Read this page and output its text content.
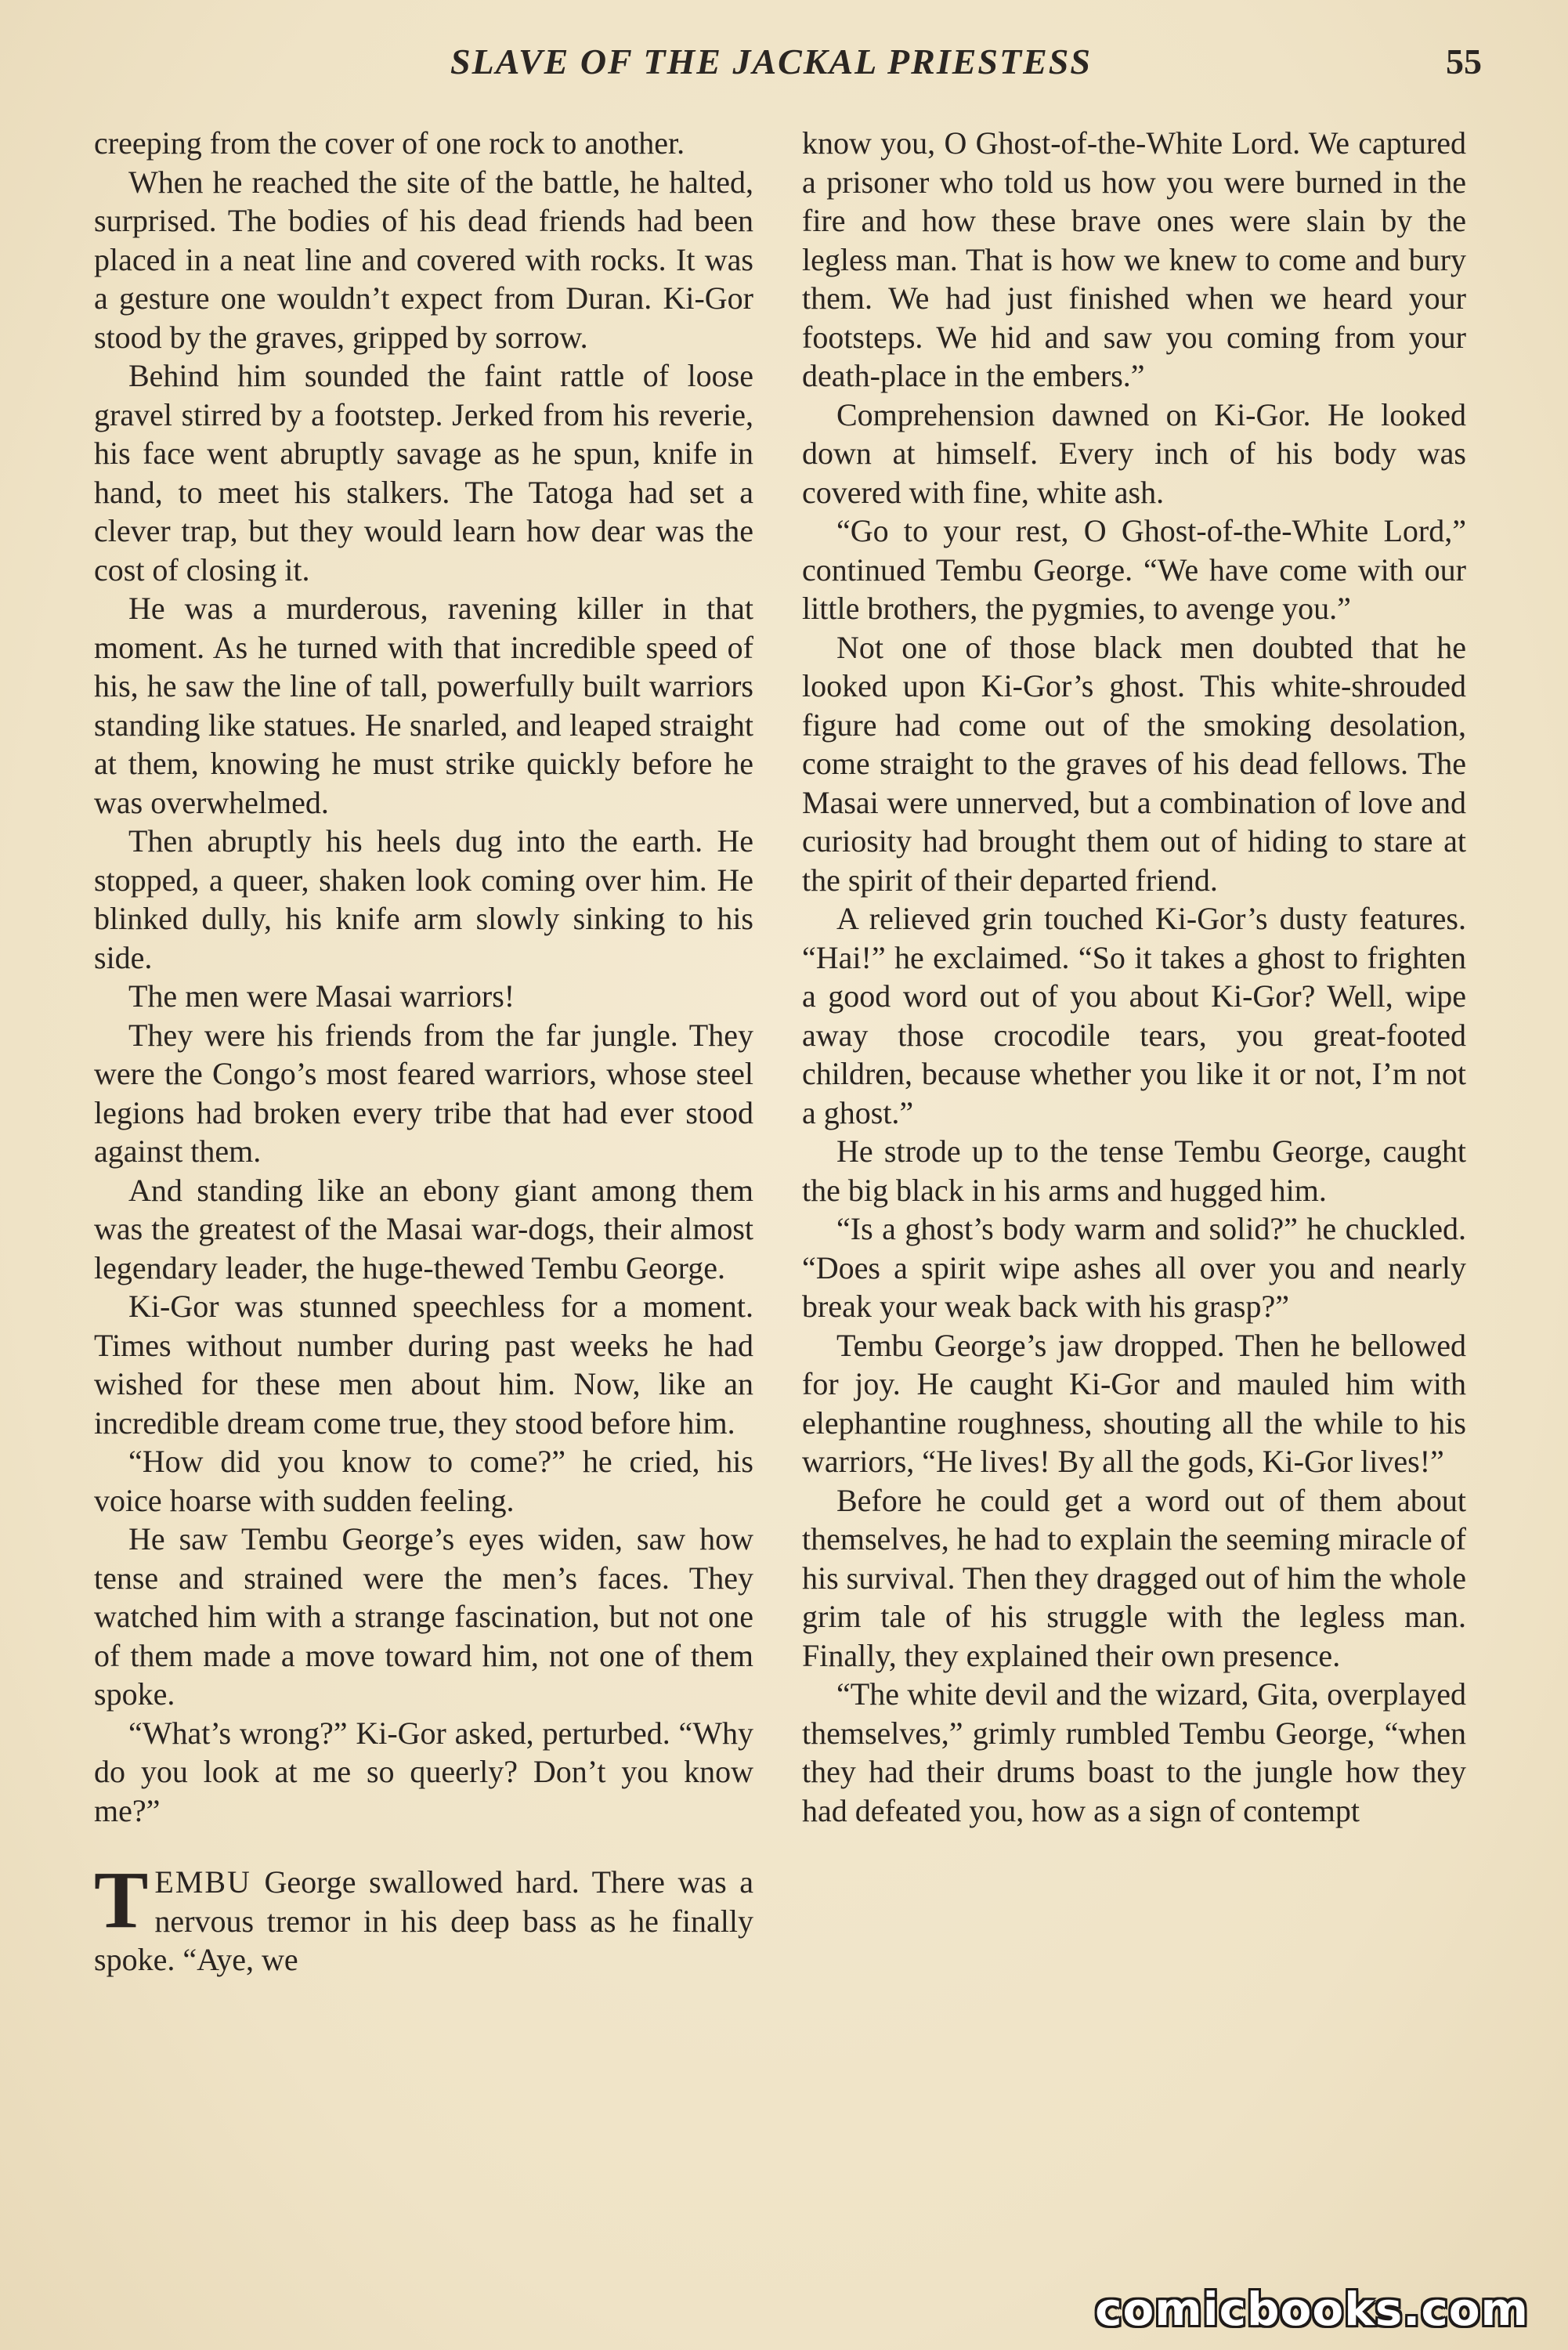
SLAVE OF THE JACKAL PRIESTESS	55

creeping from the cover of one rock to another.

When he reached the site of the battle, he halted, surprised. The bodies of his dead friends had been placed in a neat line and covered with rocks. It was a gesture one wouldn’t expect from Duran. Ki-Gor stood by the graves, gripped by sorrow.

Behind him sounded the faint rattle of loose gravel stirred by a footstep. Jerked from his reverie, his face went abruptly savage as he spun, knife in hand, to meet his stalkers. The Tatoga had set a clever trap, but they would learn how dear was the cost of closing it.

He was a murderous, ravening killer in that moment. As he turned with that incredible speed of his, he saw the line of tall, powerfully built warriors standing like statues. He snarled, and leaped straight at them, knowing he must strike quickly before he was overwhelmed.

Then abruptly his heels dug into the earth. He stopped, a queer, shaken look coming over him. He blinked dully, his knife arm slowly sinking to his side.

The men were Masai warriors!

They were his friends from the far jungle. They were the Congo’s most feared warriors, whose steel legions had broken every tribe that had ever stood against them.

And standing like an ebony giant among them was the greatest of the Masai war-dogs, their almost legendary leader, the huge-thewed Tembu George.

Ki-Gor was stunned speechless for a moment. Times without number during past weeks he had wished for these men about him. Now, like an incredible dream come true, they stood before him.

“How did you know to come?” he cried, his voice hoarse with sudden feeling.

He saw Tembu George’s eyes widen, saw how tense and strained were the men’s faces. They watched him with a strange fascination, but not one of them made a move toward him, not one of them spoke.

“What’s wrong?” Ki-Gor asked, perturbed. “Why do you look at me so queerly? Don’t you know me?”

TEMBU George swallowed hard. There was a nervous tremor in his deep bass as he finally spoke. “Aye, we

know you, O Ghost-of-the-White Lord. We captured a prisoner who told us how you were burned in the fire and how these brave ones were slain by the legless man. That is how we knew to come and bury them. We had just finished when we heard your footsteps. We hid and saw you coming from your death-place in the embers.”

Comprehension dawned on Ki-Gor. He looked down at himself. Every inch of his body was covered with fine, white ash.

“Go to your rest, O Ghost-of-the-White Lord,” continued Tembu George. “We have come with our little brothers, the pygmies, to avenge you.”

Not one of those black men doubted that he looked upon Ki-Gor’s ghost. This white-shrouded figure had come out of the smoking desolation, come straight to the graves of his dead fellows. The Masai were unnerved, but a combination of love and curiosity had brought them out of hiding to stare at the spirit of their departed friend.

A relieved grin touched Ki-Gor’s dusty features. “Hai!” he exclaimed. “So it takes a ghost to frighten a good word out of you about Ki-Gor? Well, wipe away those crocodile tears, you great-footed children, because whether you like it or not, I’m not a ghost.”

He strode up to the tense Tembu George, caught the big black in his arms and hugged him.

“Is a ghost’s body warm and solid?” he chuckled. “Does a spirit wipe ashes all over you and nearly break your weak back with his grasp?”

Tembu George’s jaw dropped. Then he bellowed for joy. He caught Ki-Gor and mauled him with elephantine roughness, shouting all the while to his warriors, “He lives! By all the gods, Ki-Gor lives!”

Before he could get a word out of them about themselves, he had to explain the seeming miracle of his survival. Then they dragged out of him the whole grim tale of his struggle with the legless man. Finally, they explained their own presence.

“The white devil and the wizard, Gita, overplayed themselves,” grimly rumbled Tembu George, “when they had their drums boast to the jungle how they had defeated you, how as a sign of contempt

comicbooks.com
